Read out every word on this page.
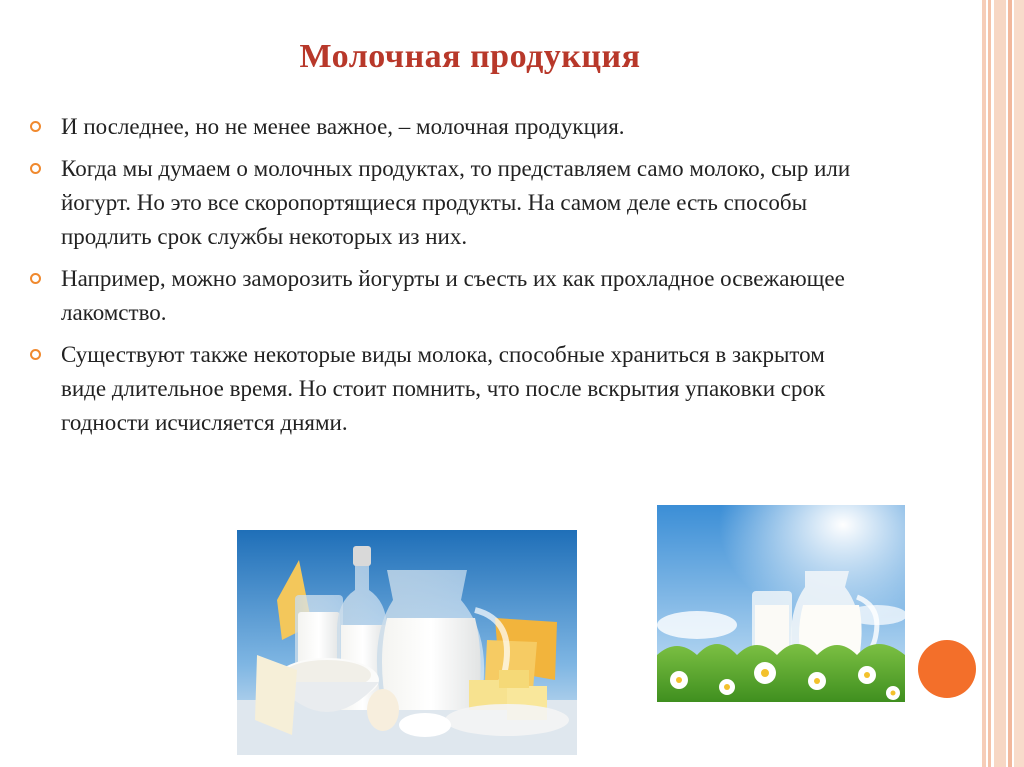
Молочная продукция
И последнее, но не менее важное, – молочная продукция.
Когда мы думаем о молочных продуктах, то представляем само молоко, сыр или йогурт. Но это все скоропортящиеся продукты. На самом деле есть способы продлить срок службы некоторых из них.
Например, можно заморозить йогурты и съесть их как прохладное освежающее лакомство.
Существуют также некоторые виды молока, способные храниться в закрытом виде длительное время. Но стоит помнить, что после вскрытия упаковки срок годности исчисляется днями.
